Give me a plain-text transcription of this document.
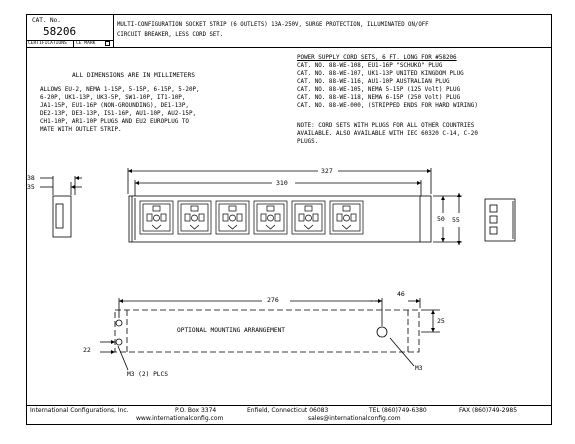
CAT. No.
58206	MULTI-CONFIGURATION SOCKET STRIP (6 OUTLETS) 13A-250V, SURGE PROTECTION, ILLUMINATED ON/OFF
CIRCUIT BREAKER, LESS CORD SET.
CERTIFICATIONS CE MARK
ALL DIMENSIONS ARE IN MILLIMETERS
ALLOWS EU-2, NEMA 1-15P, 5-15P, 6-15P, 5-20P,
6-20P, UK1-13P, UK3-5P, SW1-10P, IT1-10P,
JA1-15P, EU1-16P (NON-GROUNDING), DE1-13P,
DE2-13P, DE3-13P, IS1-16P, AU1-10P, AU2-15P,
CH1-10P, AR1-10P PLUGS AND EU2 EUROPLUG TO
MATE WITH OUTLET STRIP.
POWER SUPPLY CORD SETS, 6 FT. LONG FOR #58206
CAT. NO. 88-WE-108, EU1-16P "SCHUKO" PLUG
CAT. NO. 88-WE-107, UK1-13P UNITED KINGDOM PLUG
CAT. NO. 88-WE-116, AU1-10P AUSTRALIAN PLUG
CAT. NO. 88-WE-105, NEMA 5-15P (125 Volt) PLUG
CAT. NO. 88-WE-118, NEMA 6-15P (250 Volt) PLUG
CAT. NO. 88-WE-000, (STRIPPED ENDS FOR HARD WIRING)
NOTE: CORD SETS WITH PLUGS FOR ALL OTHER COUNTRIES
AVAILABLE. ALSO AVAILABLE WITH IEC 60320 C-14, C-20
PLUGS.
327
310
38
35
50 55
276
46
25
22
OPTIONAL MOUNTING ARRANGEMENT
M3 (2) PLCS
M3
International Configurations, Inc.	P.O. Box 3374	Enfield, Connecticut 06083	TEL (860)749-6380	FAX (860)749-2985
www.internationalconfig.com	sales@internationalconfig.com
